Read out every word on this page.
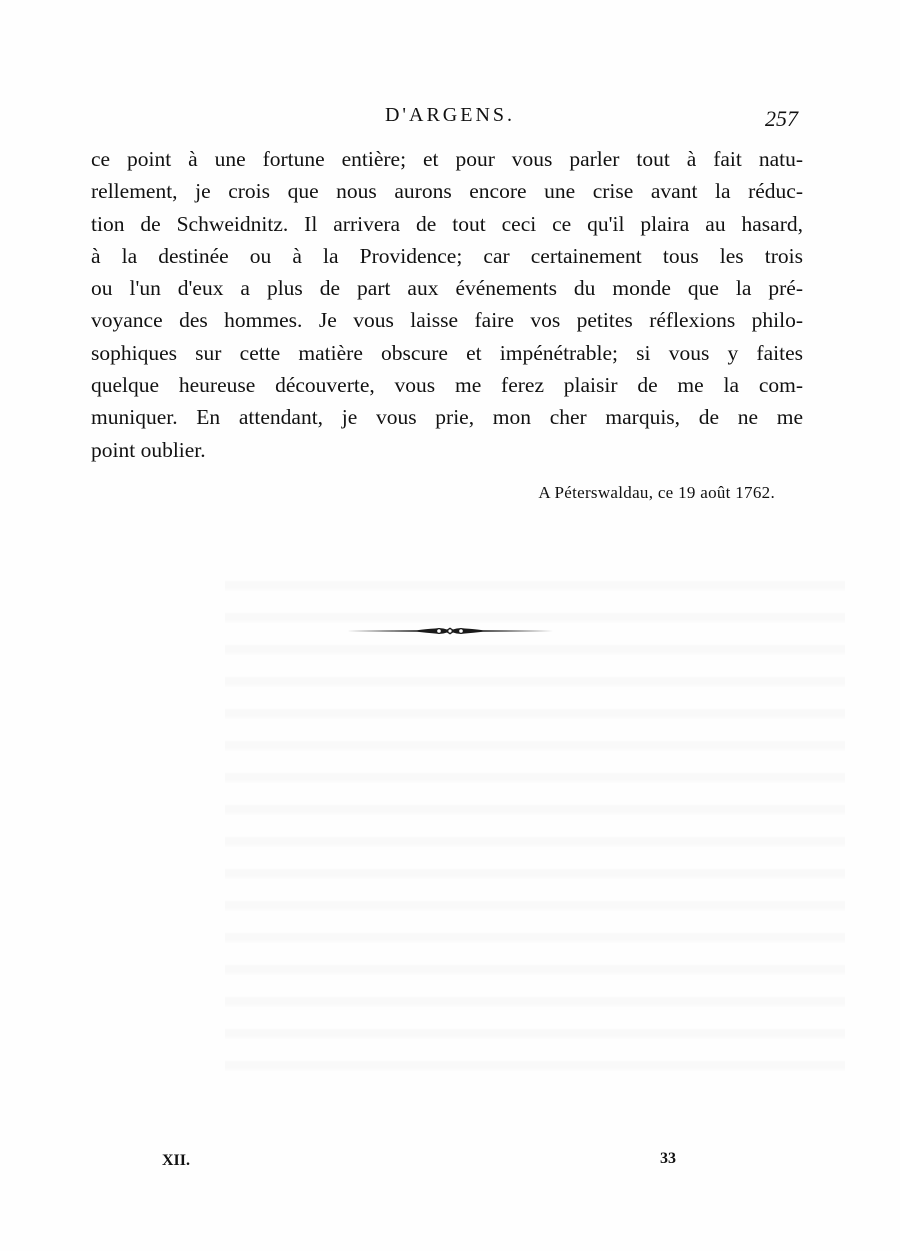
D'ARGENS.	257
ce point à une fortune entière; et pour vous parler tout à fait natu-
rellement, je crois que nous aurons encore une crise avant la réduc-
tion de Schweidnitz. Il arrivera de tout ceci ce qu'il plaira au hasard,
à la destinée ou à la Providence; car certainement tous les trois
ou l'un d'eux a plus de part aux événements du monde que la pré-
voyance des hommes. Je vous laisse faire vos petites réflexions philo-
sophiques sur cette matière obscure et impénétrable; si vous y faites
quelque heureuse découverte, vous me ferez plaisir de me la com-
muniquer. En attendant, je vous prie, mon cher marquis, de ne me
point oublier.
A Péterswaldau, ce 19 août 1762.
XII.	33
